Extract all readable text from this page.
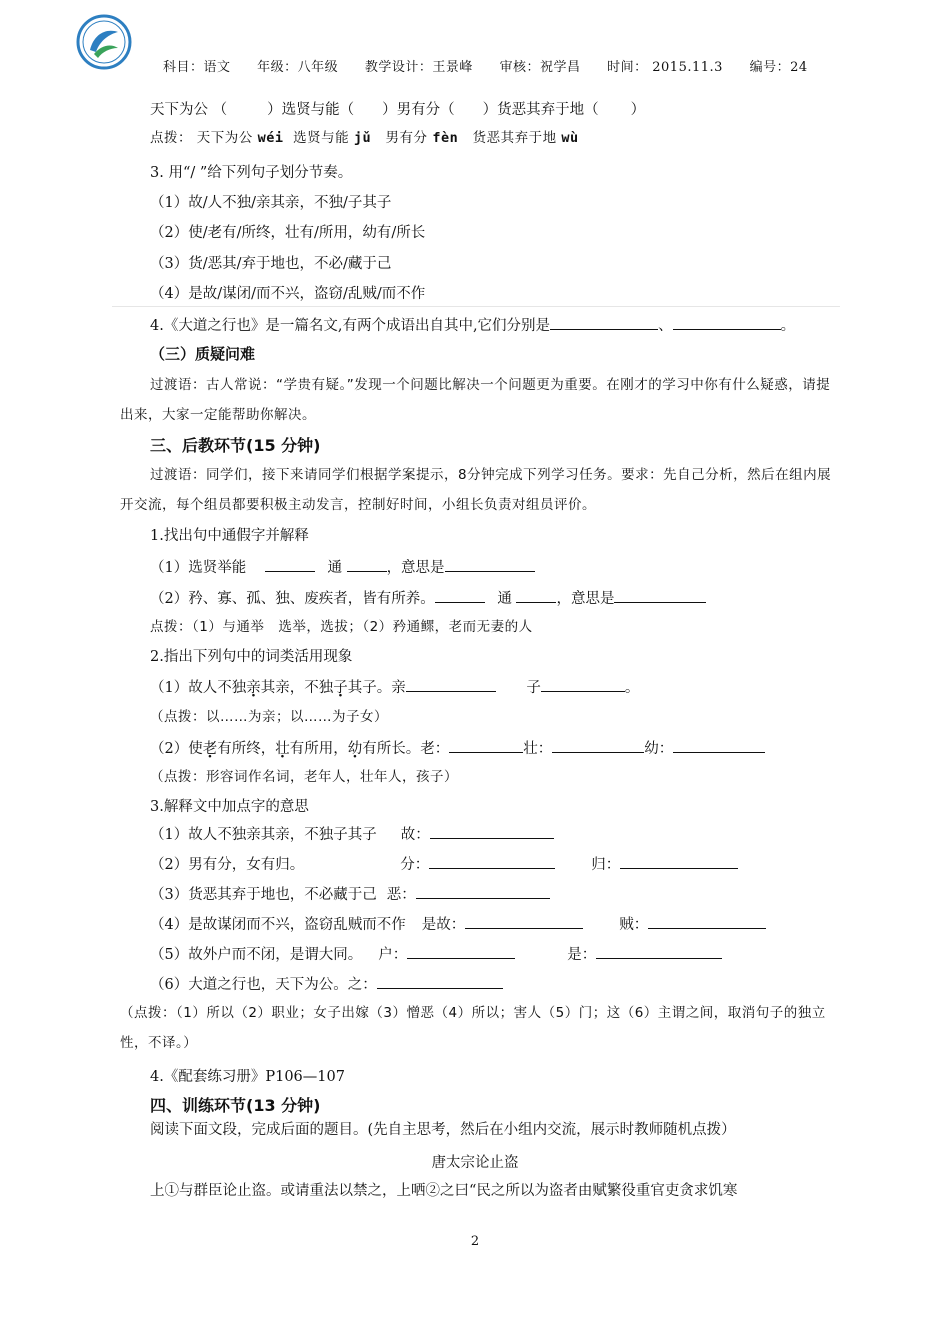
科目：语文 年级：八年级 教学设计：王景峰 审核：祝学昌 时间： 2015.11.3 编号：24
天下为公 （	）选贤与能（ ）男有分（ ）货恶其弃于地（ ）
点拨： 天下为公 wéi 选贤与能 jǔ 男有分 fèn 货恶其弃于地 wù
3. 用“/ ”给下列句子划分节奏。
（1）故/人不独/亲其亲，不独/子其子
（2）使/老有/所终，壮有/所用，幼有/所长
（3）货/恶其/弃于地也，不必/藏于己
（4）是故/谋闭/而不兴，盗窃/乱贼/而不作
4.《大道之行也》是一篇名文,有两个成语出自其中,它们分别是	、	。
（三）质疑问难
过渡语：古人常说：“学贵有疑。”发现一个问题比解决一个问题更为重要。在刚才的学习中你有什么疑惑，请提出来，大家一定能帮助你解决。
三、后教环节(15 分钟)
过渡语：同学们，接下来请同学们根据学案提示，8分钟完成下列学习任务。要求：先自己分析，然后在组内展开交流，每个组员都要积极主动发言，控制好时间，小组长负责对组员评价。
1.找出句中通假字并解释
（1）选贤举能	通	，意思是
（2）矜、寡、孤、独、废疾者，皆有所养。	通	，意思是
点拨：（1）与通举　选举，选拔；（2）矜通鳏，老而无妻的人
2.指出下列句中的词类活用现象
（1）故人不独亲其亲，不独子其子。亲	子	。
（点拨：以……为亲；以……为子女）
（2）使老有所终，壮有所用，幼有所长。老：	壮：	幼：
（点拨：形容词作名词，老年人，壮年人，孩子）
3.解释文中加点字的意思
（1）故人不独亲其亲，不独子其子 故：
（2）男有分，女有归。	分：	归：
（3）货恶其弃于地也，不必藏于己 恶：
（4）是故谋闭而不兴，盗窃乱贼而不作 是故：	贼：
（5）故外户而不闭，是谓大同。 户：	是：
（6）大道之行也，天下为公。之：
（点拨：（1）所以（2）职业；女子出嫁（3）憎恶（4）所以；害人（5）门；这（6）主谓之间，取消句子的独立性，不译。）
4.《配套练习册》P106—107
四、训练环节(13 分钟)
阅读下面文段，完成后面的题目。(先自主思考，然后在小组内交流，展示时教师随机点拨）
唐太宗论止盗
上①与群臣论止盗。或请重法以禁之，上哂②之曰“民之所以为盗者由赋繁役重官吏贪求饥寒
2
